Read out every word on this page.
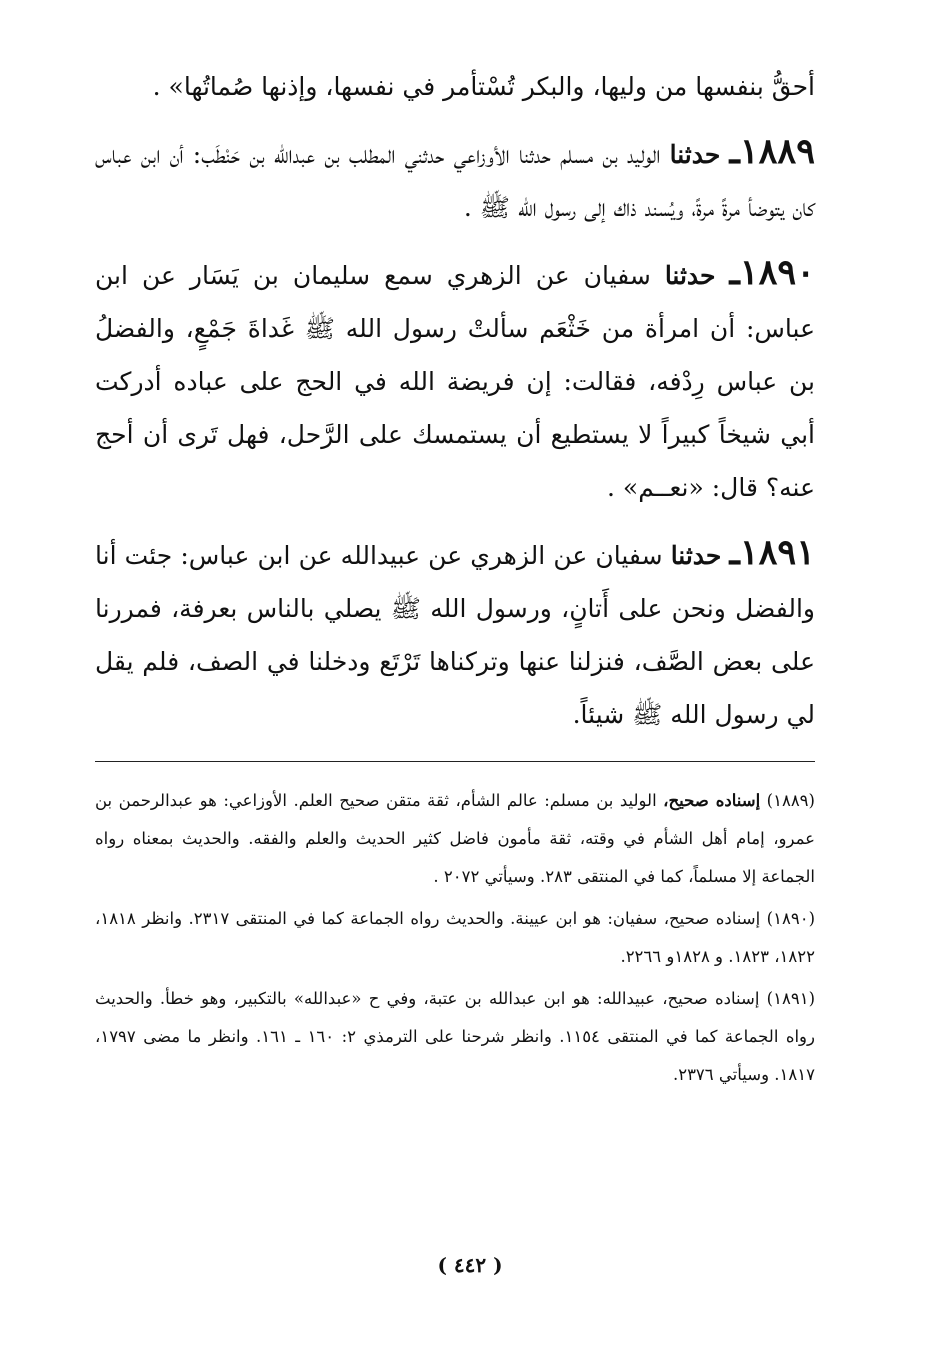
أحقُّ بنفسها من وليها، والبكر تُسْتأمر في نفسها، وإذنها صُماتُها» .

١٨٨٩ـ حدثنا الوليد بن مسلم حدثنا الأوزاعي حدثني المطلب بن عبدالله بن حَنْطَب: أن ابن عباس كان يتوضأ مرةً مرةً، ويُسند ذاك إلى رسول الله ﷺ .

١٨٩٠ـ حدثنا سفيان عن الزهري سمع سليمان بن يَسَار عن ابن عباس: أن امرأة من خَثْعَم سألتْ رسول الله ﷺ غَداةَ جَمْعٍ، والفضلُ بن عباس رِدْفه، فقالت: إن فريضة الله في الحج على عباده أدركت أبي شيخاً كبيراً لا يستطيع أن يستمسك على الرَّحل، فهل تَرى أن أحج عنه؟ قال: «نعــم» .

١٨٩١ـ حدثنا سفيان عن الزهري عن عبيدالله عن ابن عباس: جئت أنا والفضل ونحن على أَتانٍ، ورسول الله ﷺ يصلي بالناس بعرفة، فمررنا على بعض الصَّف، فنزلنا عنها وتركناها تَرْتَع ودخلنا في الصف، فلم يقل لي رسول الله ﷺ شيئاً.

(١٨٨٩) إسناده صحيح، الوليد بن مسلم: عالم الشأم، ثقة متقن صحيح العلم. الأوزاعي: هو عبدالرحمن بن عمرو، إمام أهل الشأم في وقته، ثقة مأمون فاضل كثير الحديث والعلم والفقه. والحديث بمعناه رواه الجماعة إلا مسلماً، كما في المنتقى ٢٨٣. وسيأتي ٢٠٧٢ .

(١٨٩٠) إسناده صحيح، سفيان: هو ابن عيينة. والحديث رواه الجماعة كما في المنتقى ٢٣١٧. وانظر ١٨١٨، ١٨٢٢، ١٨٢٣. و ١٨٢٨و ٢٢٦٦.

(١٨٩١) إسناده صحيح، عبيدالله: هو ابن عبدالله بن عتبة، وفي ح «عبدالله» بالتكبير، وهو خطأ. والحديث رواه الجماعة كما في المنتقى ١١٥٤. وانظر شرحنا على الترمذي ٢: ١٦٠ ـ ١٦١. وانظر ما مضى ١٧٩٧، ١٨١٧. وسيأتي ٢٣٧٦.

( ٤٤٢ )
